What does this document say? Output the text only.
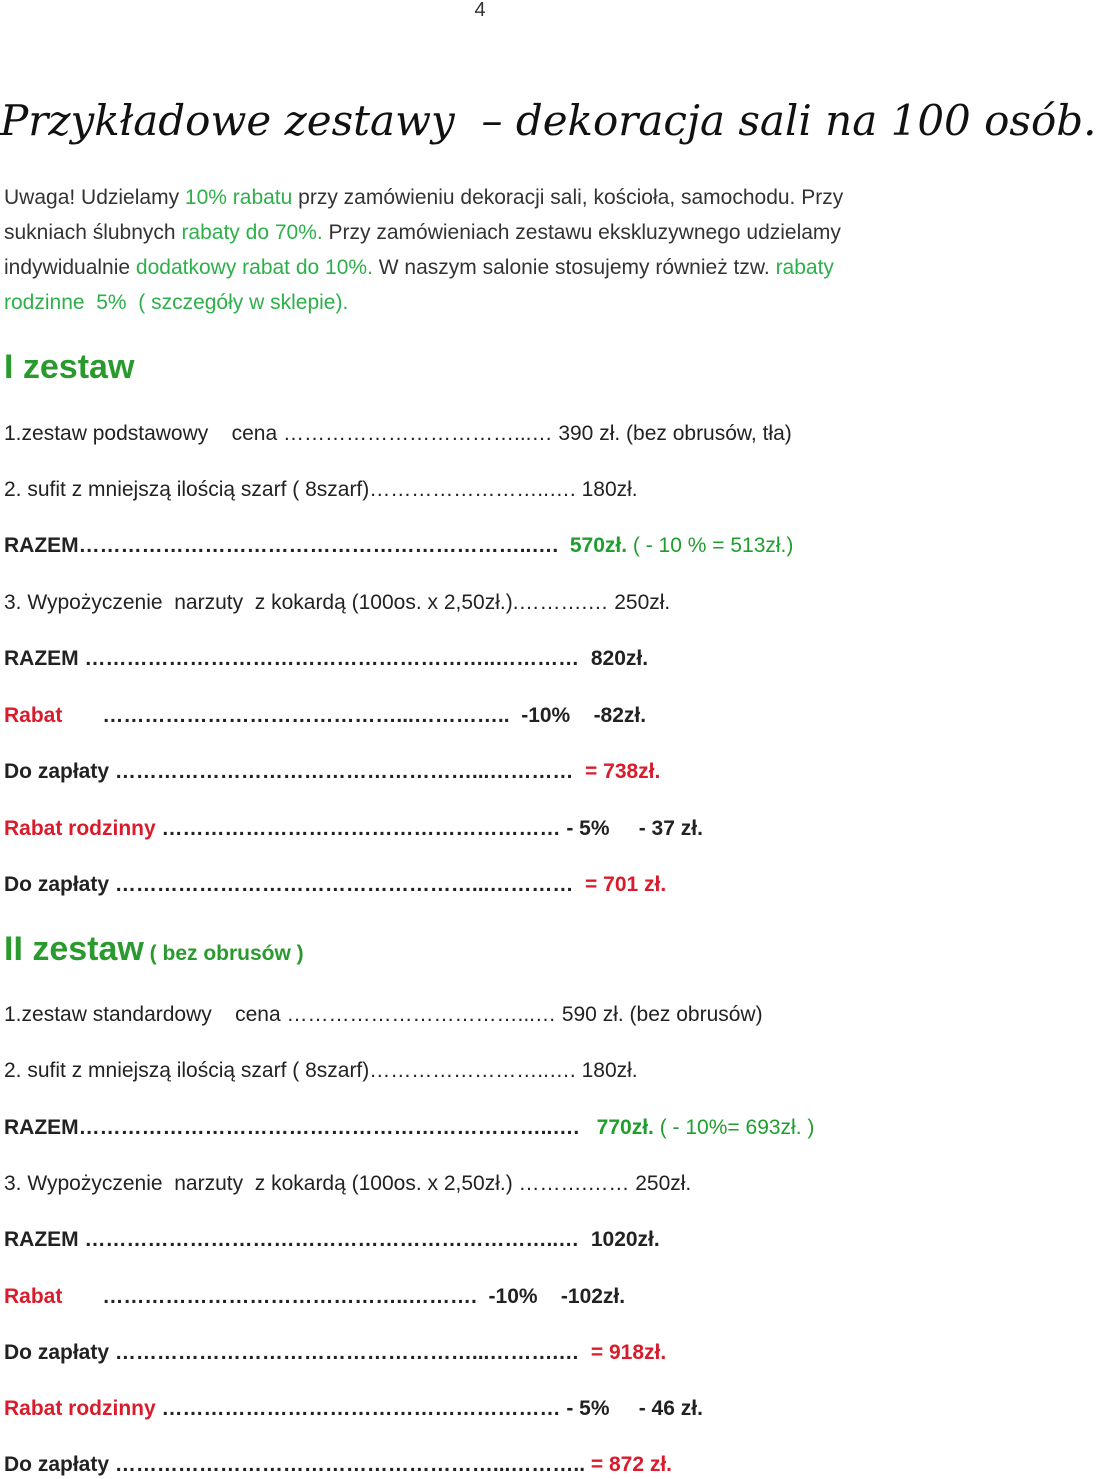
4
Przykładowe zestawy  – dekoracja sali na 100 osób.
Uwaga! Udzielamy 10% rabatu przy zamówieniu dekoracji sali, kościoła, samochodu. Przy
sukniach ślubnych rabaty do 70%. Przy zamówieniach zestawu ekskluzywnego udzielamy
indywidualnie dodatkowy rabat do 10%. W naszym salonie stosujemy również tzw. rabaty
rodzinne  5%  ( szczegóły w sklepie).
I zestaw
1.zestaw podstawowy    cena ……………………………...… 390 zł. (bez obrusów, tła)
2. sufit z mniejszą ilością szarf ( 8szarf)……………………..…. 180zł.
RAZEM………………………………………………………..….  570zł. ( - 10 % = 513zł.)
3. Wypożyczenie  narzuty  z kokardą (100os. x 2,50zł.).……….… 250zł.
RAZEM …………………………………………………..…………  820zł.
Rabat ……………………………………...…………..  -10%    -82zł.
Do zapłaty ……………………………………………...…………  = 738zł.
Rabat rodzinny ………………………………………………… - 5%     - 37 zł.
Do zapłaty ……………………………………………...…………  = 701 zł.
II zestaw ( bez obrusów )
1.zestaw standardowy    cena ……………………………...… 590 zł. (bez obrusów)
2. sufit z mniejszą ilością szarf ( 8szarf)……………………..…. 180zł.
RAZEM…………………………………………………………..….   770zł. ( - 10%= 693zł. )
3. Wypożyczenie  narzuty  z kokardą (100os. x 2,50zł.) ……….…… 250zł.
RAZEM …………………………………………………………..…  1020zł.
Rabat ……………………………………..……….  -10%    -102zł.
Do zapłaty ……………………………………………...……….…  = 918zł.
Rabat rodzinny ………………………………………………… - 5%     - 46 zł.
Do zapłaty ………………………………………………...……….. = 872 zł.
